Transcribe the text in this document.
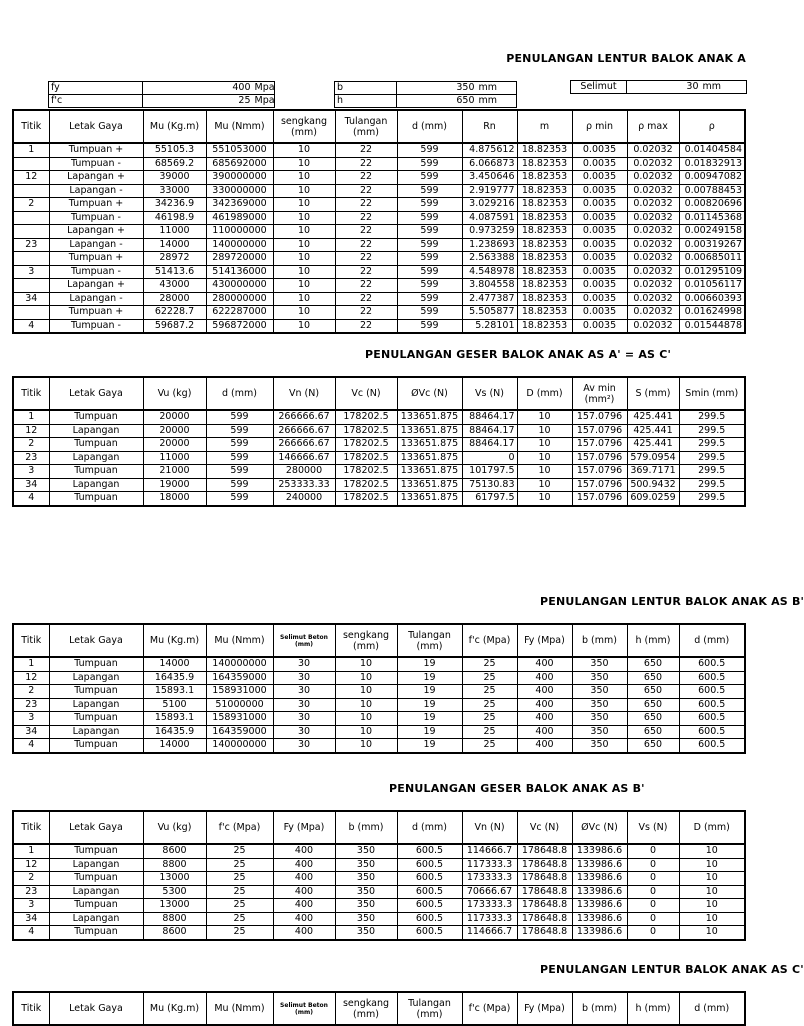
PENULANGAN LENTUR BALOK ANAK A
fy	400	Mpa
f'c	25	Mpa
b	350	mm
h	650	mm
Selimut	30	mm
Titik	Letak Gaya	Mu (Kg.m)	Mu (Nmm)	sengkang (mm)	Tulangan (mm)	d (mm)	Rn	m	ρ min	ρ max	ρ
1	Tumpuan +	55105.3	551053000	10	22	599	4.875612	18.82353	0.0035	0.02032	0.01404584
	Tumpuan -	68569.2	685692000	10	22	599	6.066873	18.82353	0.0035	0.02032	0.01832913
12	Lapangan +	39000	390000000	10	22	599	3.450646	18.82353	0.0035	0.02032	0.00947082
	Lapangan -	33000	330000000	10	22	599	2.919777	18.82353	0.0035	0.02032	0.00788453
2	Tumpuan +	34236.9	342369000	10	22	599	3.029216	18.82353	0.0035	0.02032	0.00820696
	Tumpuan -	46198.9	461989000	10	22	599	4.087591	18.82353	0.0035	0.02032	0.01145368
	Lapangan +	11000	110000000	10	22	599	0.973259	18.82353	0.0035	0.02032	0.00249158
23	Lapangan -	14000	140000000	10	22	599	1.238693	18.82353	0.0035	0.02032	0.00319267
	Tumpuan +	28972	289720000	10	22	599	2.563388	18.82353	0.0035	0.02032	0.00685011
3	Tumpuan -	51413.6	514136000	10	22	599	4.548978	18.82353	0.0035	0.02032	0.01295109
	Lapangan +	43000	430000000	10	22	599	3.804558	18.82353	0.0035	0.02032	0.01056117
34	Lapangan -	28000	280000000	10	22	599	2.477387	18.82353	0.0035	0.02032	0.00660393
	Tumpuan +	62228.7	622287000	10	22	599	5.505877	18.82353	0.0035	0.02032	0.01624998
4	Tumpuan -	59687.2	596872000	10	22	599	5.28101	18.82353	0.0035	0.02032	0.01544878
PENULANGAN GESER BALOK ANAK AS A' = AS C'
Titik	Letak Gaya	Vu (kg)	d (mm)	Vn (N)	Vc (N)	ØVc (N)	Vs (N)	D (mm)	Av min (mm²)	S (mm)	Smin (mm)
1	Tumpuan	20000	599	266666.67	178202.5	133651.875	88464.17	10	157.0796	425.441	299.5
12	Lapangan	20000	599	266666.67	178202.5	133651.875	88464.17	10	157.0796	425.441	299.5
2	Tumpuan	20000	599	266666.67	178202.5	133651.875	88464.17	10	157.0796	425.441	299.5
23	Lapangan	11000	599	146666.67	178202.5	133651.875	0	10	157.0796	579.0954	299.5
3	Tumpuan	21000	599	280000	178202.5	133651.875	101797.5	10	157.0796	369.7171	299.5
34	Lapangan	19000	599	253333.33	178202.5	133651.875	75130.83	10	157.0796	500.9432	299.5
4	Tumpuan	18000	599	240000	178202.5	133651.875	61797.5	10	157.0796	609.0259	299.5
PENULANGAN LENTUR BALOK ANAK AS B'
Titik	Letak Gaya	Mu (Kg.m)	Mu (Nmm)	Selimut Beton (mm)	sengkang (mm)	Tulangan (mm)	f'c (Mpa)	Fy (Mpa)	b (mm)	h (mm)	d (mm)
1	Tumpuan	14000	140000000	30	10	19	25	400	350	650	600.5
12	Lapangan	16435.9	164359000	30	10	19	25	400	350	650	600.5
2	Tumpuan	15893.1	158931000	30	10	19	25	400	350	650	600.5
23	Lapangan	5100	51000000	30	10	19	25	400	350	650	600.5
3	Tumpuan	15893.1	158931000	30	10	19	25	400	350	650	600.5
34	Lapangan	16435.9	164359000	30	10	19	25	400	350	650	600.5
4	Tumpuan	14000	140000000	30	10	19	25	400	350	650	600.5
PENULANGAN GESER BALOK ANAK AS B'
Titik	Letak Gaya	Vu (kg)	f'c (Mpa)	Fy (Mpa)	b (mm)	d (mm)	Vn (N)	Vc (N)	ØVc (N)	Vs (N)	D (mm)
1	Tumpuan	8600	25	400	350	600.5	114666.7	178648.8	133986.6	0	10
12	Lapangan	8800	25	400	350	600.5	117333.3	178648.8	133986.6	0	10
2	Tumpuan	13000	25	400	350	600.5	173333.3	178648.8	133986.6	0	10
23	Lapangan	5300	25	400	350	600.5	70666.67	178648.8	133986.6	0	10
3	Tumpuan	13000	25	400	350	600.5	173333.3	178648.8	133986.6	0	10
34	Lapangan	8800	25	400	350	600.5	117333.3	178648.8	133986.6	0	10
4	Tumpuan	8600	25	400	350	600.5	114666.7	178648.8	133986.6	0	10
PENULANGAN LENTUR BALOK ANAK AS C'
Titik	Letak Gaya	Mu (Kg.m)	Mu (Nmm)	Selimut Beton (mm)	sengkang (mm)	Tulangan (mm)	f'c (Mpa)	Fy (Mpa)	b (mm)	h (mm)	d (mm)
